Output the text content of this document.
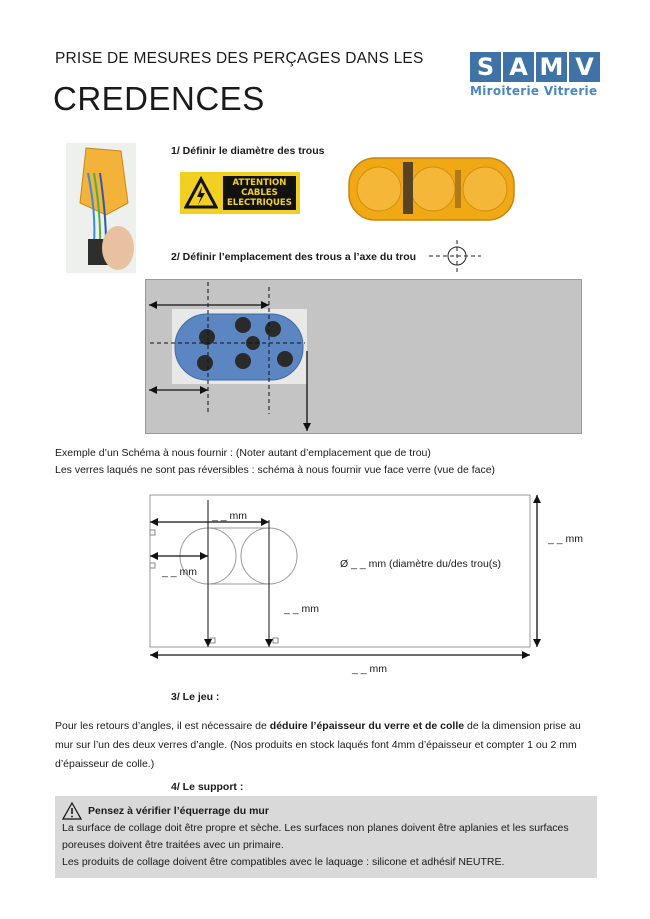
PRISE DE MESURES DES PERÇAGES DANS LES
CREDENCES
S A M V
Miroiterie Vitrerie
1/ Définir le diamètre des trous
ATTENTION
CABLES
ELECTRIQUES
2/ Définir l’emplacement des trous a l’axe du trou
Exemple d’un Schéma à nous fournir : (Noter autant d’emplacement que de trou)
Les verres laqués ne sont pas réversibles : schéma à nous fournir vue face verre (vue de face)
_ _ mm
_ _ mm
_ _ mm
_ _ mm
_ _ mm
Ø _ _ mm (diamètre du/des trou(s)
3/ Le jeu :
Pour les retours d’angles, il est nécessaire de déduire l’épaisseur du verre et de colle de la dimension prise au mur sur l’un des deux verres d’angle. (Nos produits en stock laqués font 4mm d’épaisseur et compter 1 ou 2 mm d’épaisseur de colle.)
4/ Le support :
Pensez à vérifier l’équerrage du mur
La surface de collage doit être propre et sèche. Les surfaces non planes doivent être aplanies et les surfaces poreuses doivent être traitées avec un primaire.
Les produits de collage doivent être compatibles avec le laquage : silicone et adhésif NEUTRE.
